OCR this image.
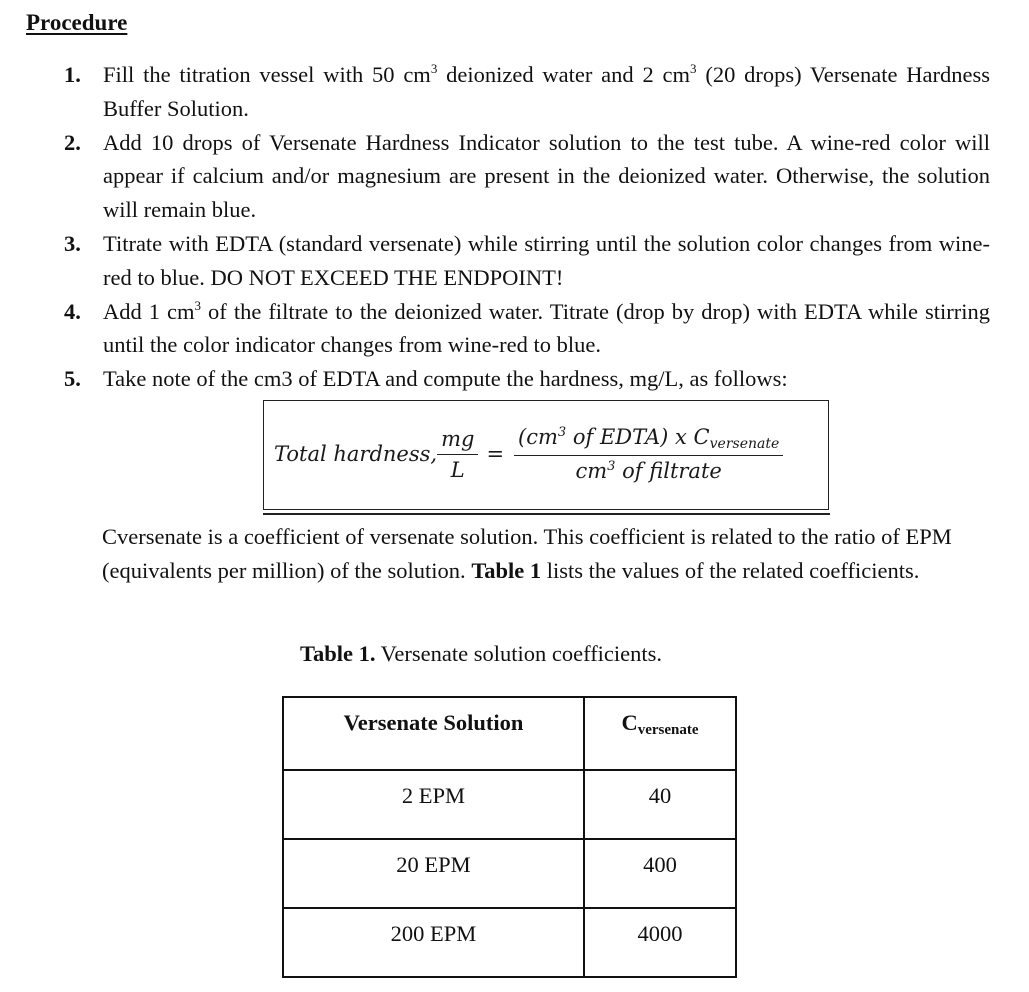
Procedure
1. Fill the titration vessel with 50 $cm^3$ deionized water and 2 $cm^3$ (20 drops) Versenate Hardness Buffer Solution.
2. Add 10 drops of Versenate Hardness Indicator solution to the test tube. A wine-red color will appear if calcium and/or magnesium are present in the deionized water. Otherwise, the solution will remain blue.
3. Titrate with EDTA (standard versenate) while stirring until the solution color changes from wine-red to blue. DO NOT EXCEED THE ENDPOINT!
4. Add 1 $cm^3$ of the filtrate to the deionized water. Titrate (drop by drop) with EDTA while stirring until the color indicator changes from wine-red to blue.
5. Take note of the cm3 of EDTA and compute the hardness, mg/L, as follows:
Total hardness, $\frac{mg}{L} = \frac{(cm^3 of EDTA) x C_{versenate}}{cm^3 of filtrate}$

Cversenate is a coefficient of versenate solution. This coefficient is related to the ratio of EPM (equivalents per million) of the solution. Table 1 lists the values of the related coefficients.

Table 1. Versenate solution coefficients.
Versenate Solution	Cversenate
2 EPM	40
20 EPM	400
200 EPM	4000
